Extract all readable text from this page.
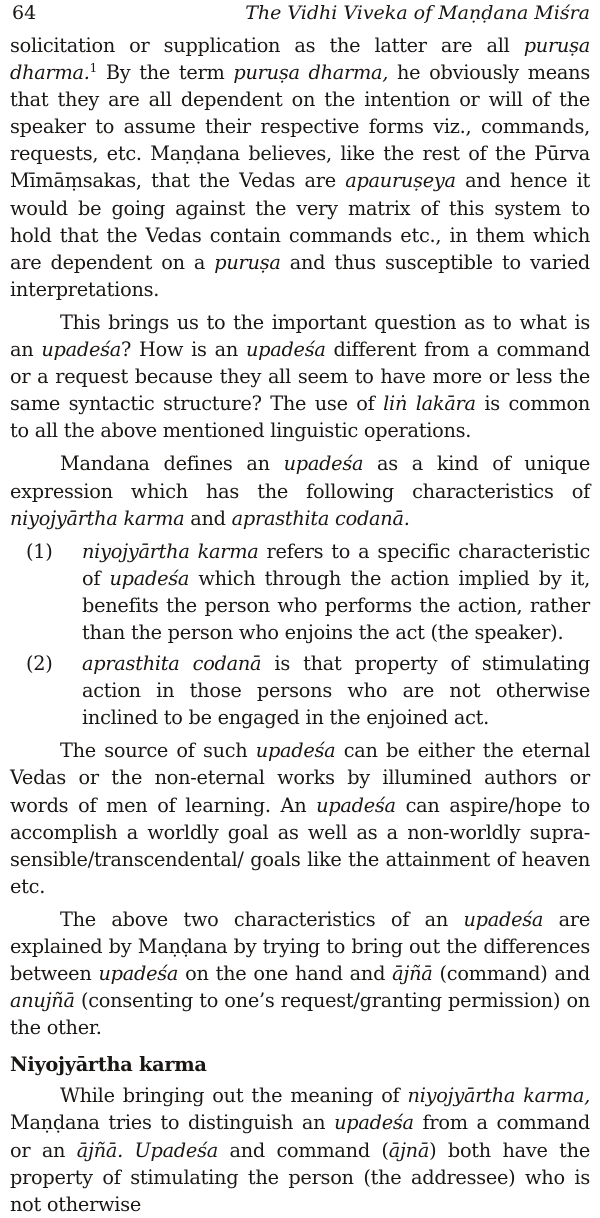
64	The Vidhi Viveka of Maṇḍana Miśra

solicitation or supplication as the latter are all puruṣa dharma.$^1$ By the term puruṣa dharma, he obviously means that they are all dependent on the intention or will of the speaker to assume their respective forms viz., commands, requests, etc. Maṇḍana believes, like the rest of the Pūrva Mīmāṃsakas, that the Vedas are apauruṣeya and hence it would be going against the very matrix of this system to hold that the Vedas contain commands etc., in them which are dependent on a puruṣa and thus susceptible to varied interpretations.

This brings us to the important question as to what is an upadeśa? How is an upadeśa different from a command or a request because they all seem to have more or less the same syntactic structure? The use of liṅ lakāra is common to all the above mentioned linguistic operations.

Mandana defines an upadeśa as a kind of unique expression which has the following characteristics of niyojyārtha karma and aprasthita codanā.

(1)	niyojyārtha karma refers to a specific characteristic of upadeśa which through the action implied by it, benefits the person who performs the action, rather than the person who enjoins the act (the speaker).
(2)	aprasthita codanā is that property of stimulating action in those persons who are not otherwise inclined to be engaged in the enjoined act.

The source of such upadeśa can be either the eternal Vedas or the non-eternal works by illumined authors or words of men of learning. An upadeśa can aspire/hope to accomplish a worldly goal as well as a non-worldly supra-sensible/transcendental/ goals like the attainment of heaven etc.

The above two characteristics of an upadeśa are explained by Maṇḍana by trying to bring out the differences between upadeśa on the one hand and ājñā (command) and anujñā (consenting to one’s request/granting permission) on the other.

Niyojyārtha karma

While bringing out the meaning of niyojyārtha karma, Maṇḍana tries to distinguish an upadeśa from a command or an ājñā. Upadeśa and command (ājnā) both have the property of stimulating the person (the addressee) who is not otherwise
